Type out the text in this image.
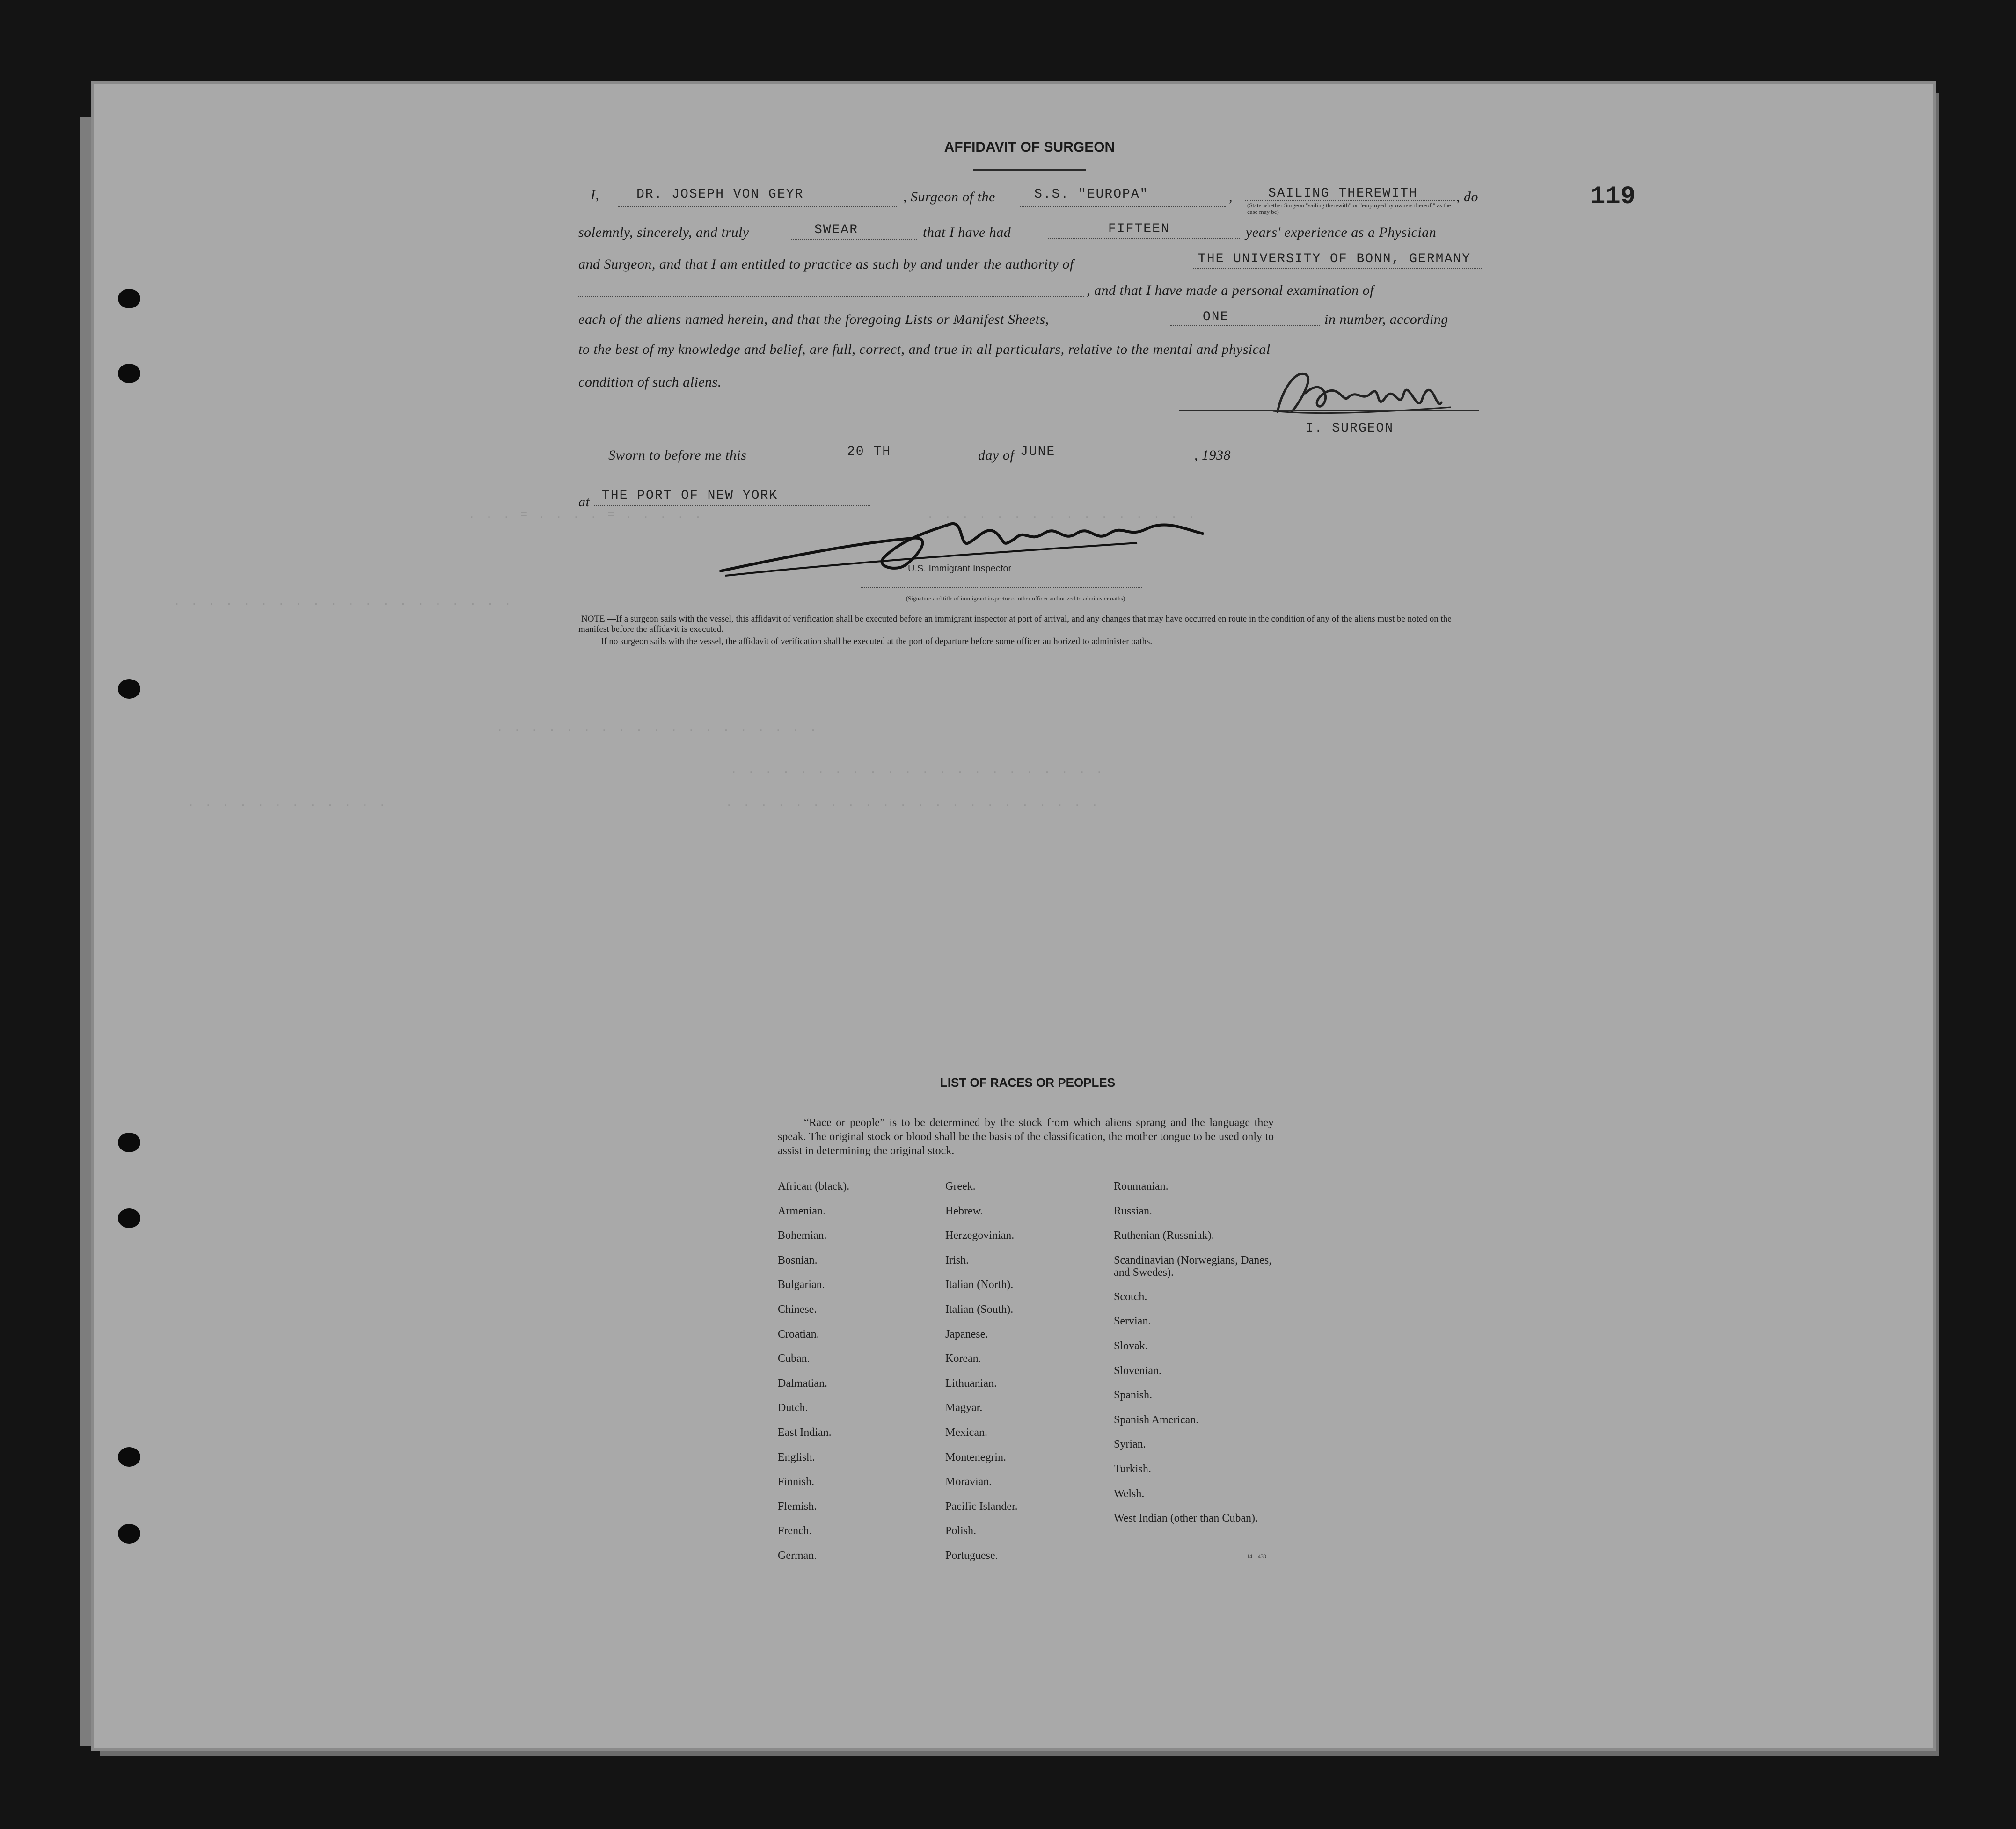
119
. . . = . . . . = . . . . .	. . . . . . . . . . . . . . . .
. . . . . . . . . . . . . . . . . . . .
. . . . . . . . . . . . . . . . . . .
. . . . . . . . . . . . . . . . . . . . . .
. . . . . . . . . . . . . . . . . . . . . .
. . . . . . . . . . . .
AFFIDAVIT OF SURGEON
I,	DR. JOSEPH VON GEYR	, Surgeon of the	S.S. "EUROPA"	,	SAILING THEREWITH
(State whether Surgeon "sailing therewith" or "employed by owners thereof," as the case may be)
, do
solemnly, sincerely, and truly	SWEAR	that I have had	FIFTEEN	years' experience as a Physician
and Surgeon, and that I am entitled to practice as such by and under the authority of	THE UNIVERSITY OF BONN, GERMANY
, and that I have made a personal examination of
each of the aliens named herein, and that the foregoing Lists or Manifest Sheets,	ONE	in number, according
to the best of my knowledge and belief, are full, correct, and true in all particulars, relative to the mental and physical
condition of such aliens.
I. SURGEON
Sworn to before me this	20 TH	day of JUNE	, 1938
at THE PORT OF NEW YORK
U.S. Immigrant Inspector
(Signature and title of immigrant inspector or other officer authorized to administer oaths)
NOTE.—If a surgeon sails with the vessel, this affidavit of verification shall be executed before an immigrant inspector at port of arrival, and any changes that may have occurred en route in the condition of any of the aliens must be noted on the manifest before the affidavit is executed.
If no surgeon sails with the vessel, the affidavit of verification shall be executed at the port of departure before some officer authorized to administer oaths.
LIST OF RACES OR PEOPLES
“Race or people” is to be determined by the stock from which aliens sprang and the language they speak. The original stock or blood shall be the basis of the classification, the mother tongue to be used only to assist in determining the original stock.
African (black).
Armenian.
Bohemian.
Bosnian.
Bulgarian.
Chinese.
Croatian.
Cuban.
Dalmatian.
Dutch.
East Indian.
English.
Finnish.
Flemish.
French.
German.
Greek.
Hebrew.
Herzegovinian.
Irish.
Italian (North).
Italian (South).
Japanese.
Korean.
Lithuanian.
Magyar.
Mexican.
Montenegrin.
Moravian.
Pacific Islander.
Polish.
Portuguese.
Roumanian.
Russian.
Ruthenian (Russniak).
Scandinavian (Norwegians, Danes, and Swedes).
Scotch.
Servian.
Slovak.
Slovenian.
Spanish.
Spanish American.
Syrian.
Turkish.
Welsh.
West Indian (other than Cuban).
14—430
